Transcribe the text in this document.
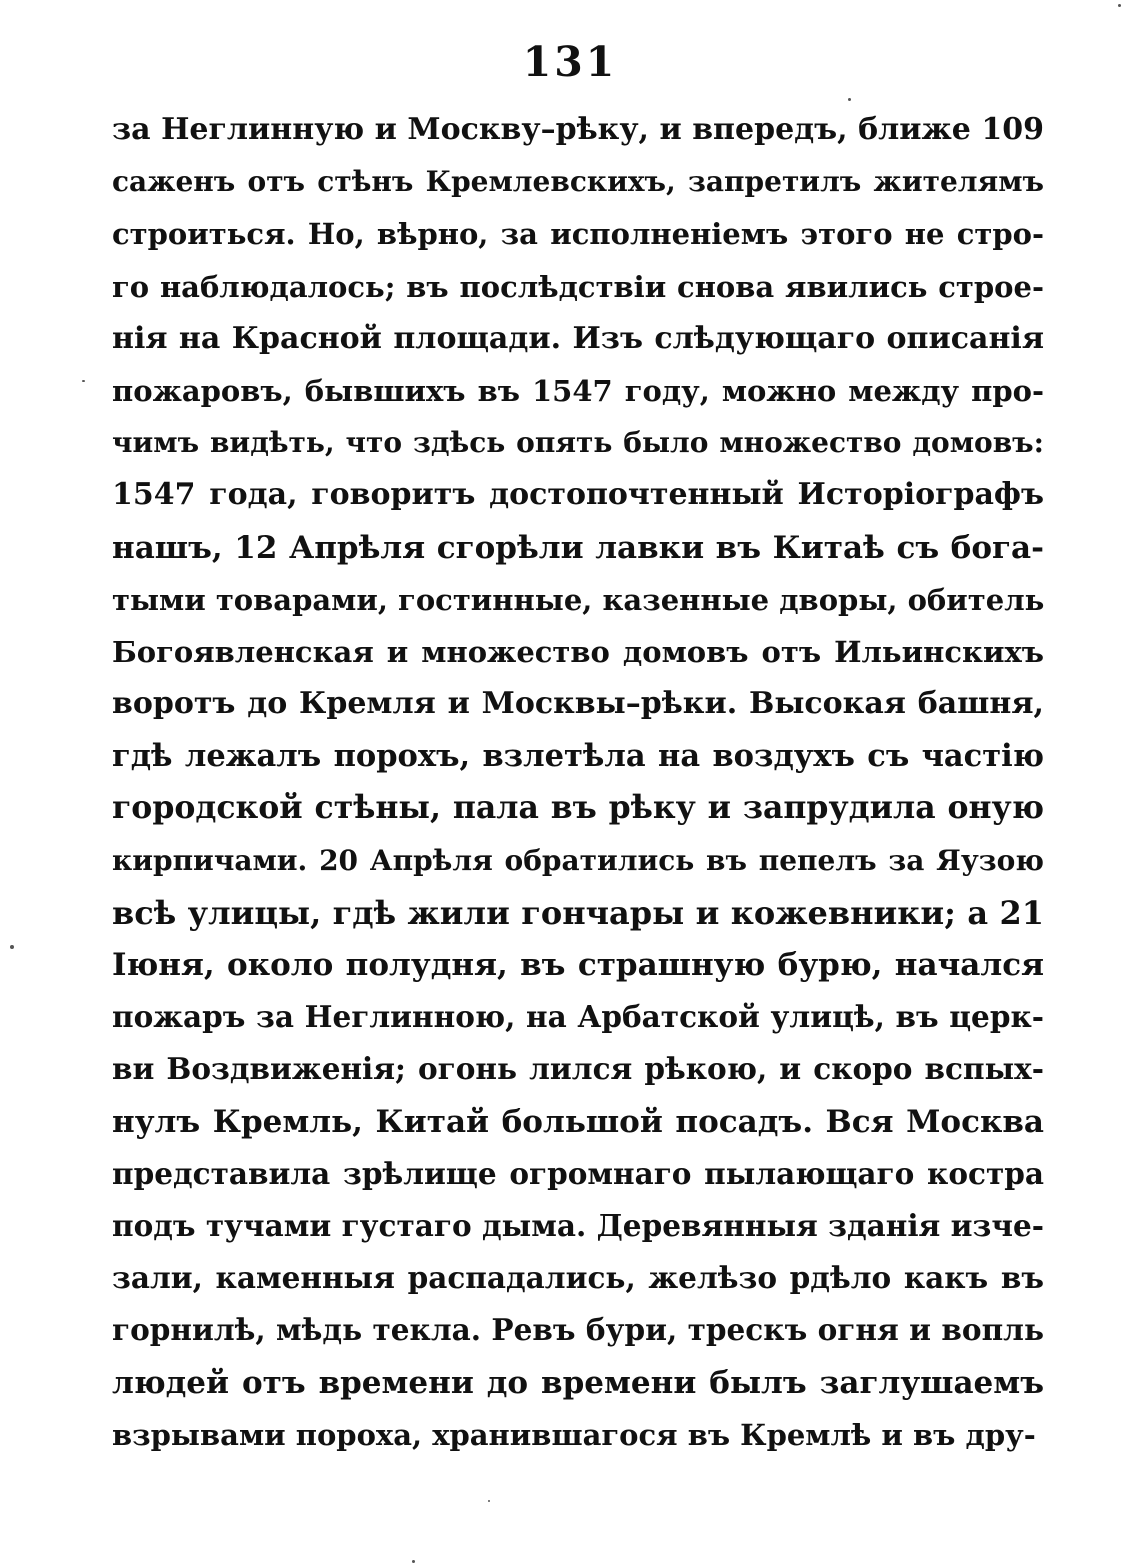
131
за Неглинную и Москву–рѣку, и впередъ, ближе 109
саженъ отъ стѣнъ Кремлевскихъ, запретилъ жителямъ
строиться. Но, вѣрно, за исполненіемъ этого не стро-
го наблюдалось; въ послѣдствіи снова явились строе-
нія на Красной площади. Изъ слѣдующаго описанія
пожаровъ, бывшихъ въ 1547 году, можно между про-
чимъ видѣть, что здѣсь опять было множество домовъ:
1547 года, говоритъ достопочтенный Исторіографъ
нашъ, 12 Апрѣля сгорѣли лавки въ Китаѣ съ бога-
тыми товарами, гостинные, казенные дворы, обитель
Богоявленская и множество домовъ отъ Ильинскихъ
воротъ до Кремля и Москвы–рѣки. Высокая башня,
гдѣ лежалъ порохъ, взлетѣла на воздухъ съ частію
городской стѣны, пала въ рѣку и запрудила оную
кирпичами. 20 Апрѣля обратились въ пепелъ за Яузою
всѣ улицы, гдѣ жили гончары и кожевники; а 21
Іюня, около полудня, въ страшную бурю, начался
пожаръ за Неглинною, на Арбатской улицѣ, въ церк-
ви Воздвиженія; огонь лился рѣкою, и скоро вспых-
нулъ Кремль, Китай большой посадъ. Вся Москва
представила зрѣлище огромнаго пылающаго костра
подъ тучами густаго дыма. Деревянныя зданія изче-
зали, каменныя распадались, желѣзо рдѣло какъ въ
горнилѣ, мѣдь текла. Ревъ бури, трескъ огня и вопль
людей отъ времени до времени былъ заглушаемъ
взрывами пороха, хранившагося въ Кремлѣ и въ дру-
